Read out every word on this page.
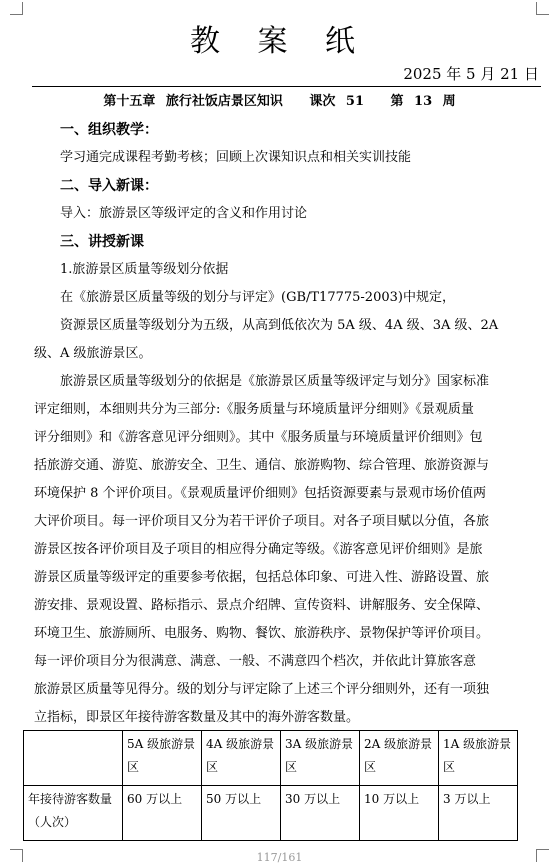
教 案 纸
2025 年 5 月 21 日
第十五章 旅行社饭店景区知识 课次 51 第 13 周
一、组织教学：
学习通完成课程考勤考核；回顾上次课知识点和相关实训技能
二、导入新课：
导入：旅游景区等级评定的含义和作用讨论
三、讲授新课
1.旅游景区质量等级划分依据
在《旅游景区质量等级的划分与评定》(GB/T17775-2003)中规定，
资源景区质量等级划分为五级，从高到低依次为 5A 级、4A 级、3A 级、2A
级、A 级旅游景区。
旅游景区质量等级划分的依据是《旅游景区质量等级评定与划分》国家标准
评定细则，本细则共分为三部分:《服务质量与环境质量评分细则》《景观质量
评分细则》和《游客意见评分细则》。其中《服务质量与环境质量评价细则》包
括旅游交通、游览、旅游安全、卫生、通信、旅游购物、综合管理、旅游资源与
环境保护 8 个评价项目。《景观质量评价细则》包括资源要素与景观市场价值两
大评价项目。每一评价项目又分为若干评价子项目。对各子项目赋以分值，各旅
游景区按各评价项目及子项目的相应得分确定等级。《游客意见评价细则》是旅
游景区质量等级评定的重要参考依据，包括总体印象、可进入性、游路设置、旅
游安排、景观设置、路标指示、景点介绍牌、宣传资料、讲解服务、安全保障、
环境卫生、旅游厕所、电服务、购物、餐饮、旅游秩序、景物保护等评价项目。
每一评价项目分为很满意、满意、一般、不满意四个档次，并依此计算旅客意
旅游景区质量等见得分。级的划分与评定除了上述三个评分细则外，还有一项独
立指标，即景区年接待游客数量及其中的海外游客数量。
	5A 级旅游景区	4A 级旅游景区	3A 级旅游景区	2A 级旅游景区	1A 级旅游景区
年接待游客数量（人次）	60 万以上	50 万以上	30 万以上	10 万以上	3 万以上
117/161
